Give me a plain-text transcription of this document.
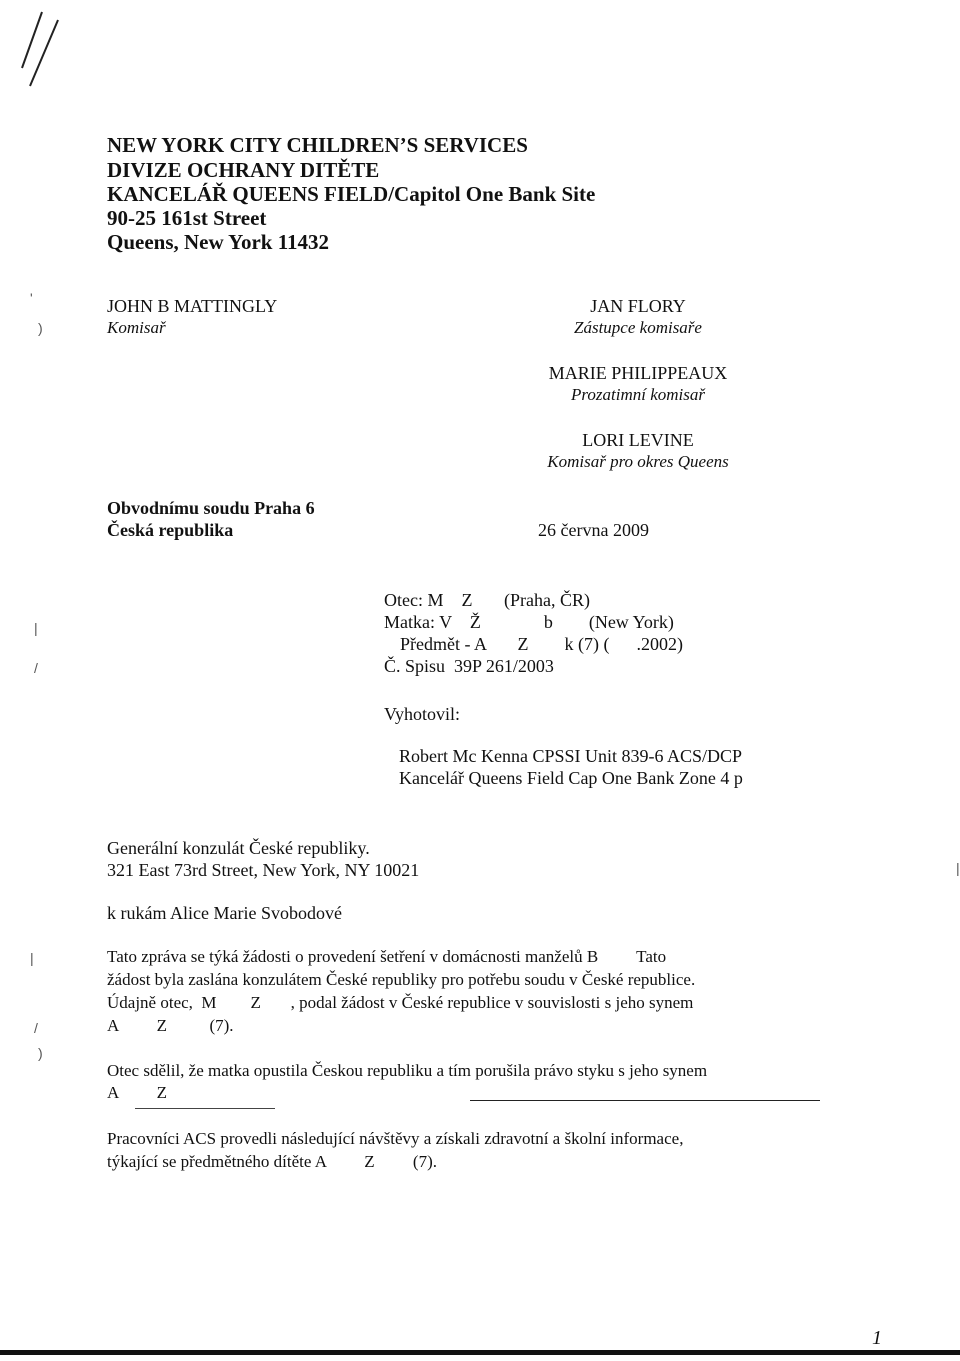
'
)
|
/
|
/
)
|
NEW YORK CITY CHILDREN’S SERVICES
DIVIZE OCHRANY DITĚTE
KANCELÁŘ QUEENS FIELD/Capitol One Bank Site
90-25 161st Street
Queens, New York 11432
JOHN B MATTINGLY
Komisař
JAN FLORY
Zástupce komisaře
MARIE PHILIPPEAUX
Prozatimní komisař
LORI LEVINE
Komisař pro okres Queens
Obvodnímu soudu Praha 6
Česká republika	26 června 2009
Otec: M    Z       (Praha, ČR)
Matka: V    Ž              b        (New York)
Předmět - A       Z        k (7) (      .2002)
Č. Spisu  39P 261/2003
Vyhotovil:
Robert Mc Kenna CPSSI Unit 839-6 ACS/DCP
Kancelář Queens Field Cap One Bank Zone 4 p
Generální konzulát České republiky.
321 East 73rd Street, New York, NY 10021
k rukám Alice Marie Svobodové
Tato zpráva se týká žádosti o provedení šetření v domácnosti manželů B         Tato
žádost byla zaslána konzulátem České republiky pro potřebu soudu v České republice.
Údajně otec,  M        Z       , podal žádost v České republice v souvislosti s jeho synem
A         Z          (7).
Otec sdělil, že matka opustila Českou republiku a tím porušila právo styku s jeho synem
A         Z
Pracovníci ACS provedli následující návštěvy a získali zdravotní a školní informace,
týkající se předmětného dítěte A         Z         (7).
1
